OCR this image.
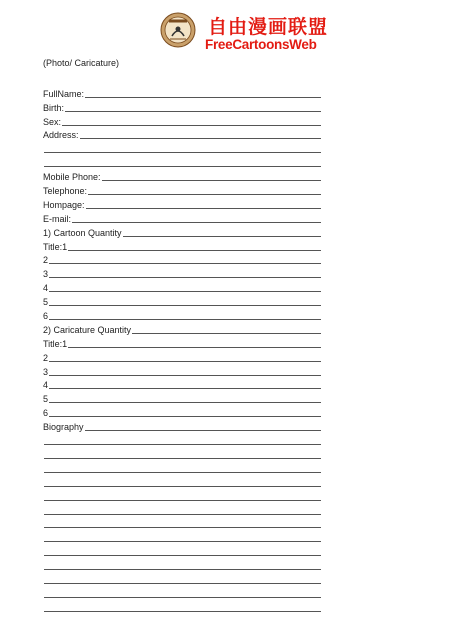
自由漫画联盟
FreeCartoonsWeb
(Photo/ Caricature)
FullName:
Birth:
Sex:
Address:
Mobile Phone:
Telephone:
Hompage:
E-mail:
1) Cartoon Quantity
Title:1
2
3
4
5
6
2) Caricature Quantity
Title:1
2
3
4
5
6
Biography
